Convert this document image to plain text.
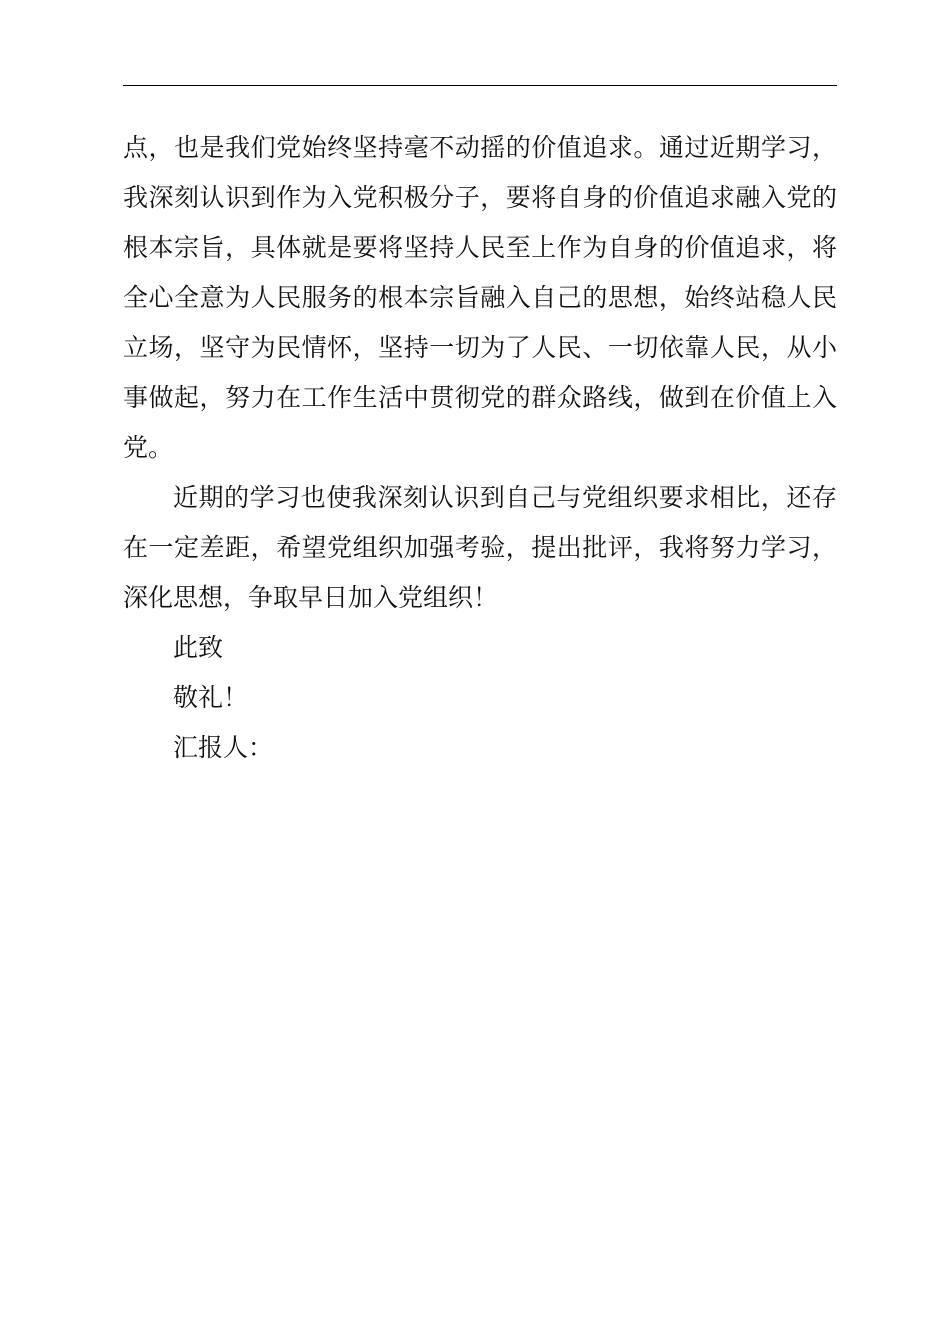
点，也是我们党始终坚持毫不动摇的价值追求。通过近期学习，我深刻认识到作为入党积极分子，要将自身的价值追求融入党的根本宗旨，具体就是要将坚持人民至上作为自身的价值追求，将全心全意为人民服务的根本宗旨融入自己的思想，始终站稳人民立场，坚守为民情怀，坚持一切为了人民、一切依靠人民，从小事做起，努力在工作生活中贯彻党的群众路线，做到在价值上入党。

近期的学习也使我深刻认识到自己与党组织要求相比，还存在一定差距，希望党组织加强考验，提出批评，我将努力学习，深化思想，争取早日加入党组织！

此致

敬礼！

汇报人：
